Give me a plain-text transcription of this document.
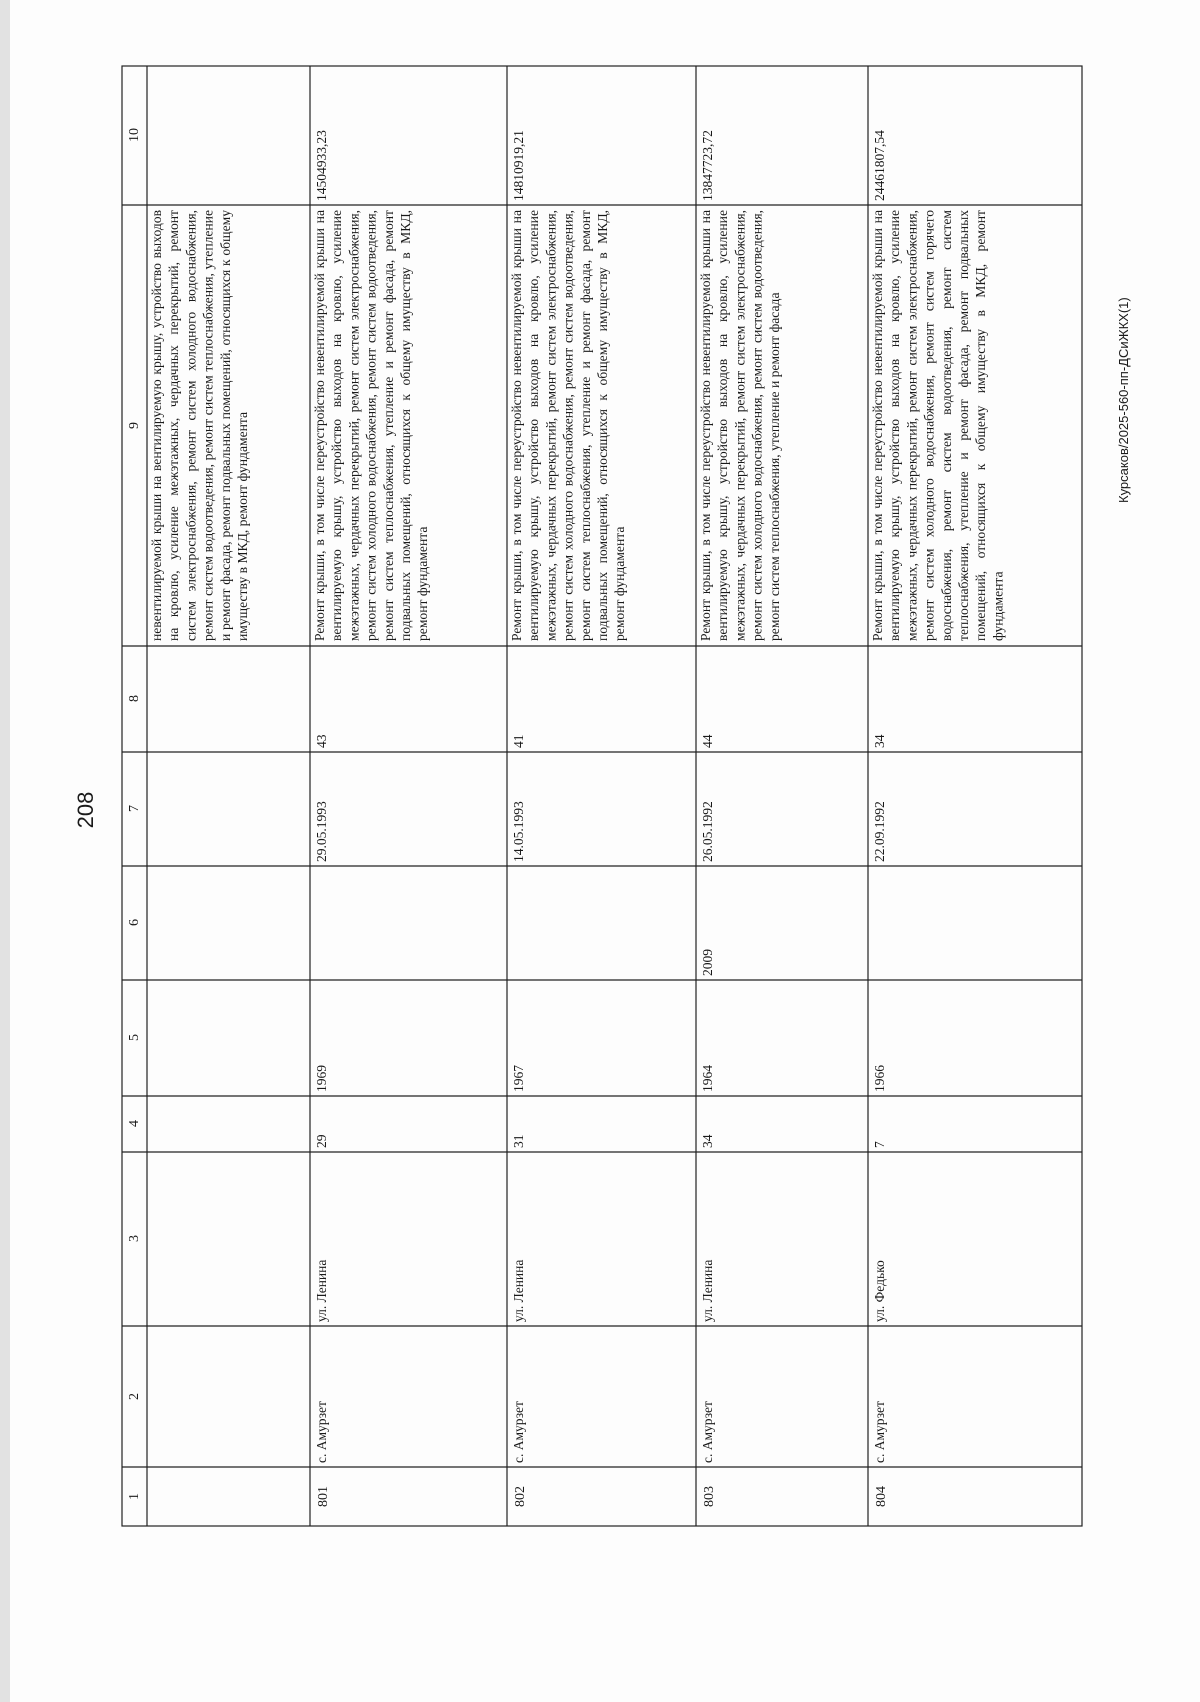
208
Курсаков/2025-560-пп-ДСиЖКХ(1)
10
9
8
7
6
5
4
3
2
1
невентилируемой крыши на вентилируемую крышу, устройство выходов на кровлю, усиление межэтажных, чердачных перекрытий, ремонт систем электроснабжения, ремонт систем холодного водоснабжения, ремонт систем водоотведения, ремонт систем теплоснабжения, утепление и ремонт фасада, ремонт подвальных помещений, относящихся к общему имуществу в МКД, ремонт фундамента
801
с. Амурзет
ул. Ленина
29
1969
29.05.1993
43
Ремонт крыши, в том числе переустройство невентилируемой крыши на вентилируемую крышу, устройство выходов на кровлю, усиление межэтажных, чердачных перекрытий, ремонт систем электроснабжения, ремонт систем холодного водоснабжения, ремонт систем водоотведения, ремонт систем теплоснабжения, утепление и ремонт фасада, ремонт подвальных помещений, относящихся к общему имуществу в МКД, ремонт фундамента
14504933,23
802
с. Амурзет
ул. Ленина
31
1967
14.05.1993
41
Ремонт крыши, в том числе переустройство невентилируемой крыши на вентилируемую крышу, устройство выходов на кровлю, усиление межэтажных, чердачных перекрытий, ремонт систем электроснабжения, ремонт систем холодного водоснабжения, ремонт систем водоотведения, ремонт систем теплоснабжения, утепление и ремонт фасада, ремонт подвальных помещений, относящихся к общему имуществу в МКД, ремонт фундамента
14810919,21
803
с. Амурзет
ул. Ленина
34
1964
2009
26.05.1992
44
Ремонт крыши, в том числе переустройство невентилируемой крыши на вентилируемую крышу, устройство выходов на кровлю, усиление межэтажных, чердачных перекрытий, ремонт систем электроснабжения, ремонт систем холодного водоснабжения, ремонт систем водоотведения, ремонт систем теплоснабжения, утепление и ремонт фасада
13847723,72
804
с. Амурзет
ул. Федько
7
1966
22.09.1992
34
Ремонт крыши, в том числе переустройство невентилируемой крыши на вентилируемую крышу, устройство выходов на кровлю, усиление межэтажных, чердачных перекрытий, ремонт систем электроснабжения, ремонт систем холодного водоснабжения, ремонт систем горячего водоснабжения, ремонт систем водоотведения, ремонт систем теплоснабжения, утепление и ремонт фасада, ремонт подвальных помещений, относящихся к общему имуществу в МКД, ремонт фундамента
24461807,54
